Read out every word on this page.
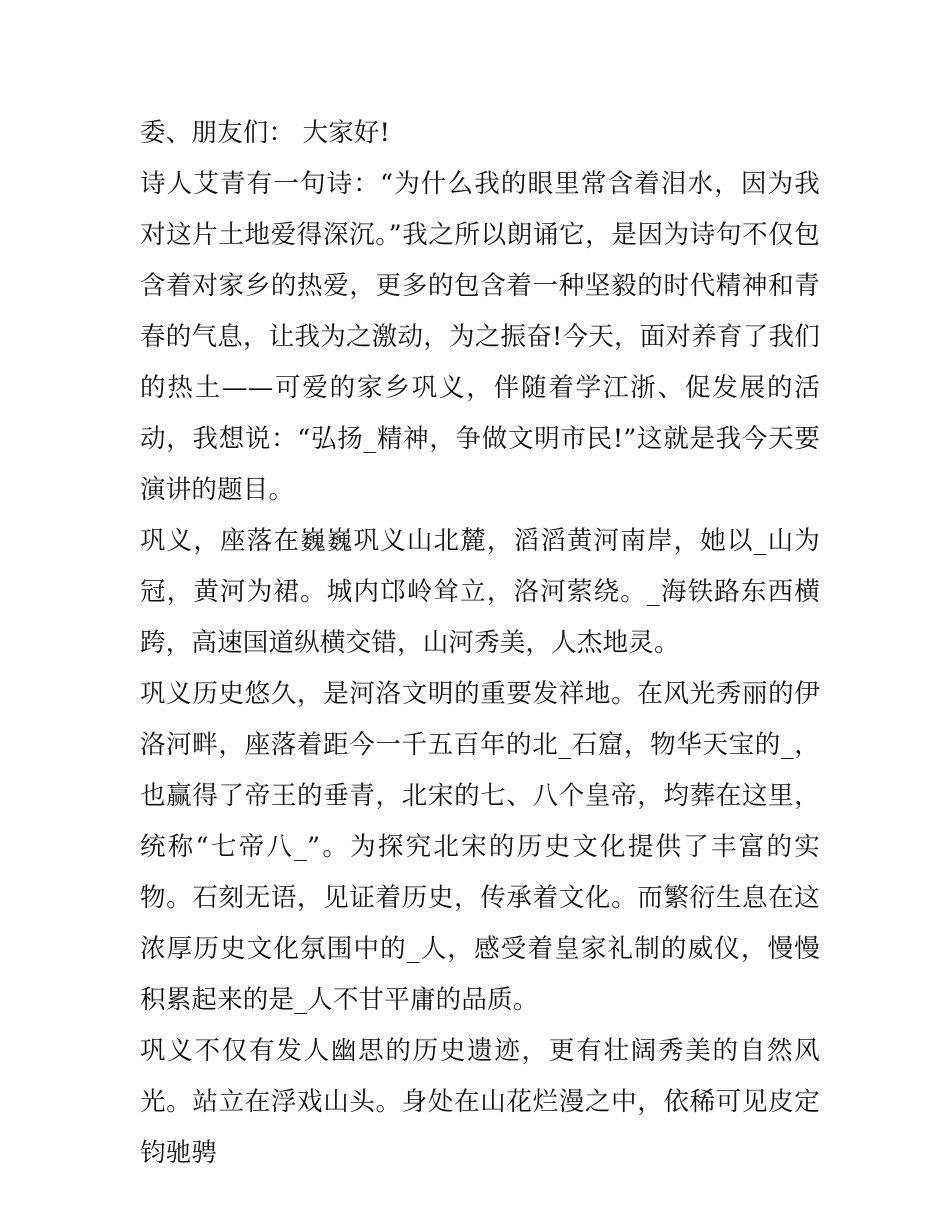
委、朋友们： 大家好!

诗人艾青有一句诗：“为什么我的眼里常含着泪水，因为我对这片土地爱得深沉。”我之所以朗诵它，是因为诗句不仅包含着对家乡的热爱，更多的包含着一种坚毅的时代精神和青春的气息，让我为之激动，为之振奋!今天，面对养育了我们的热土——可爱的家乡巩义，伴随着学江浙、促发展的活动，我想说：“弘扬_精神，争做文明市民!”这就是我今天要演讲的题目。

巩义，座落在巍巍巩义山北麓，滔滔黄河南岸，她以_山为冠，黄河为裙。城内邙岭耸立，洛河萦绕。_海铁路东西横跨，高速国道纵横交错，山河秀美，人杰地灵。

巩义历史悠久，是河洛文明的重要发祥地。在风光秀丽的伊洛河畔，座落着距今一千五百年的北_石窟，物华天宝的_，也赢得了帝王的垂青，北宋的七、八个皇帝，均葬在这里，统称“七帝八_”。为探究北宋的历史文化提供了丰富的实物。石刻无语，见证着历史，传承着文化。而繁衍生息在这浓厚历史文化氛围中的_人，感受着皇家礼制的威仪，慢慢积累起来的是_人不甘平庸的品质。

巩义不仅有发人幽思的历史遗迹，更有壮阔秀美的自然风光。站立在浮戏山头。身处在山花烂漫之中，依稀可见皮定钧驰骋
